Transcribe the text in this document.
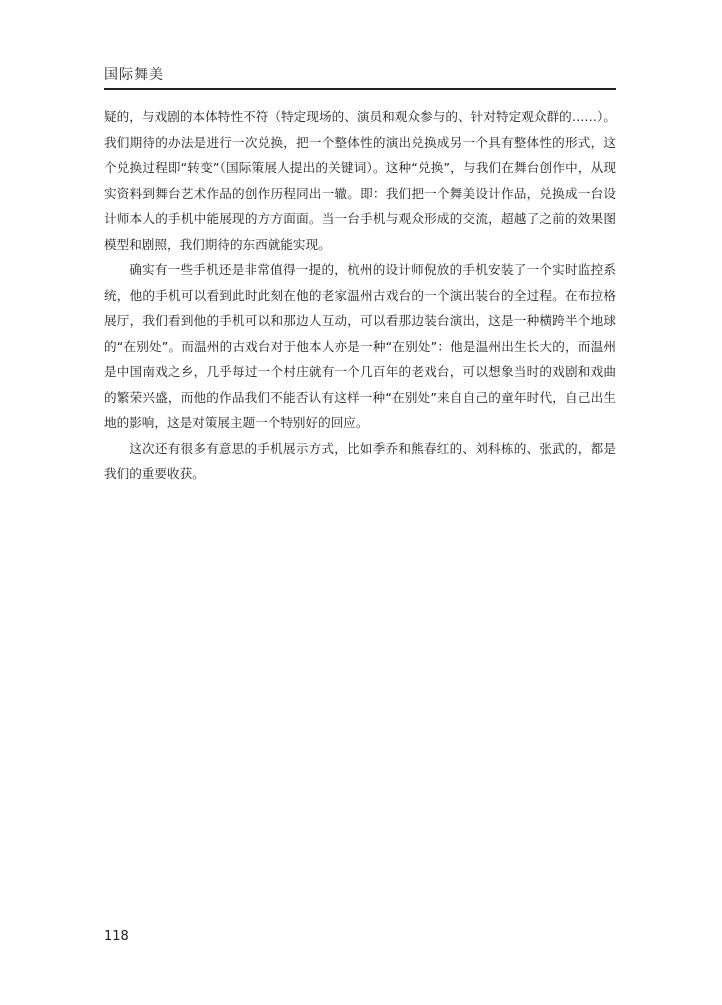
国际舞美

疑的，与戏剧的本体特性不符（特定现场的、演员和观众参与的、针对特定观众群的……）。我们期待的办法是进行一次兑换，把一个整体性的演出兑换成另一个具有整体性的形式，这个兑换过程即“转变”（国际策展人提出的关键词）。这种“兑换”，与我们在舞台创作中，从现实资料到舞台艺术作品的创作历程同出一辙。即：我们把一个舞美设计作品，兑换成一台设计师本人的手机中能展现的方方面面。当一台手机与观众形成的交流，超越了之前的效果图模型和剧照，我们期待的东西就能实现。

确实有一些手机还是非常值得一提的，杭州的设计师倪放的手机安装了一个实时监控系统，他的手机可以看到此时此刻在他的老家温州古戏台的一个演出装台的全过程。在布拉格展厅，我们看到他的手机可以和那边人互动，可以看那边装台演出，这是一种横跨半个地球的“在别处”。而温州的古戏台对于他本人亦是一种“在别处”：他是温州出生长大的，而温州是中国南戏之乡，几乎每过一个村庄就有一个几百年的老戏台，可以想象当时的戏剧和戏曲的繁荣兴盛，而他的作品我们不能否认有这样一种“在别处”来自自己的童年时代，自己出生地的影响，这是对策展主题一个特别好的回应。

这次还有很多有意思的手机展示方式，比如季乔和熊春红的、刘科栋的、张武的，都是我们的重要收获。

118
